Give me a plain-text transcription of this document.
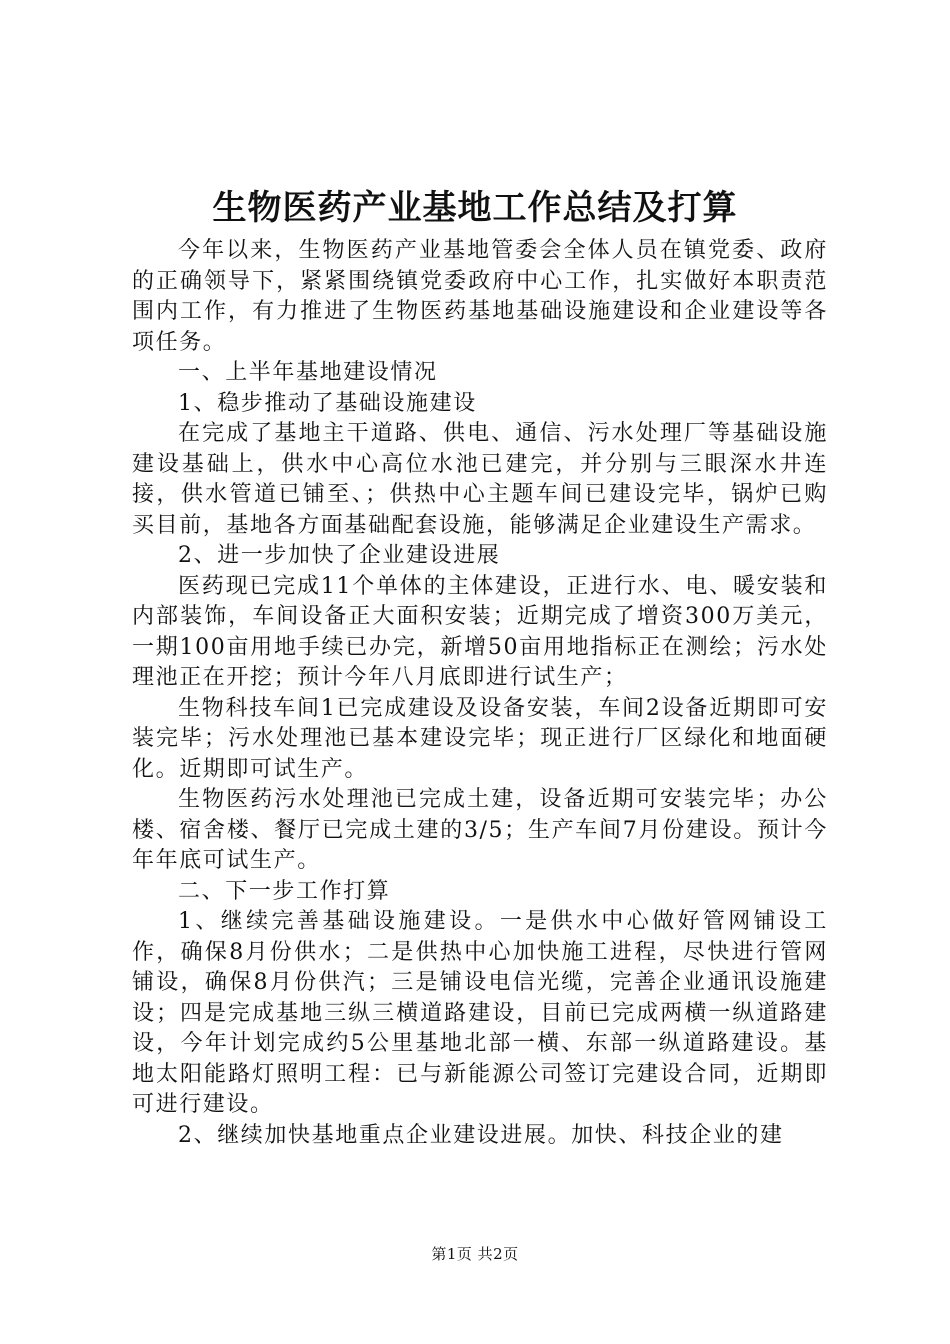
生物医药产业基地工作总结及打算

今年以来，生物医药产业基地管委会全体人员在镇党委、政府的正确领导下，紧紧围绕镇党委政府中心工作，扎实做好本职责范围内工作，有力推进了生物医药基地基础设施建设和企业建设等各项任务。

一、上半年基地建设情况

1、稳步推动了基础设施建设

在完成了基地主干道路、供电、通信、污水处理厂等基础设施建设基础上，供水中心高位水池已建完，并分别与三眼深水井连接，供水管道已铺至、；供热中心主题车间已建设完毕，锅炉已购买目前，基地各方面基础配套设施，能够满足企业建设生产需求。

2、进一步加快了企业建设进展

医药现已完成11个单体的主体建设，正进行水、电、暖安装和内部装饰，车间设备正大面积安装；近期完成了增资300万美元，一期100亩用地手续已办完，新增50亩用地指标正在测绘；污水处理池正在开挖；预计今年八月底即进行试生产；

生物科技车间1已完成建设及设备安装，车间2设备近期即可安装完毕；污水处理池已基本建设完毕；现正进行厂区绿化和地面硬化。近期即可试生产。

生物医药污水处理池已完成土建，设备近期可安装完毕；办公楼、宿舍楼、餐厅已完成土建的3/5；生产车间7月份建设。预计今年年底可试生产。

二、下一步工作打算

1、继续完善基础设施建设。一是供水中心做好管网铺设工作，确保8月份供水；二是供热中心加快施工进程，尽快进行管网铺设，确保8月份供汽；三是铺设电信光缆，完善企业通讯设施建设；四是完成基地三纵三横道路建设，目前已完成两横一纵道路建设，今年计划完成约5公里基地北部一横、东部一纵道路建设。基地太阳能路灯照明工程：已与新能源公司签订完建设合同，近期即可进行建设。

2、继续加快基地重点企业建设进展。加快、科技企业的建

第1页 共2页
